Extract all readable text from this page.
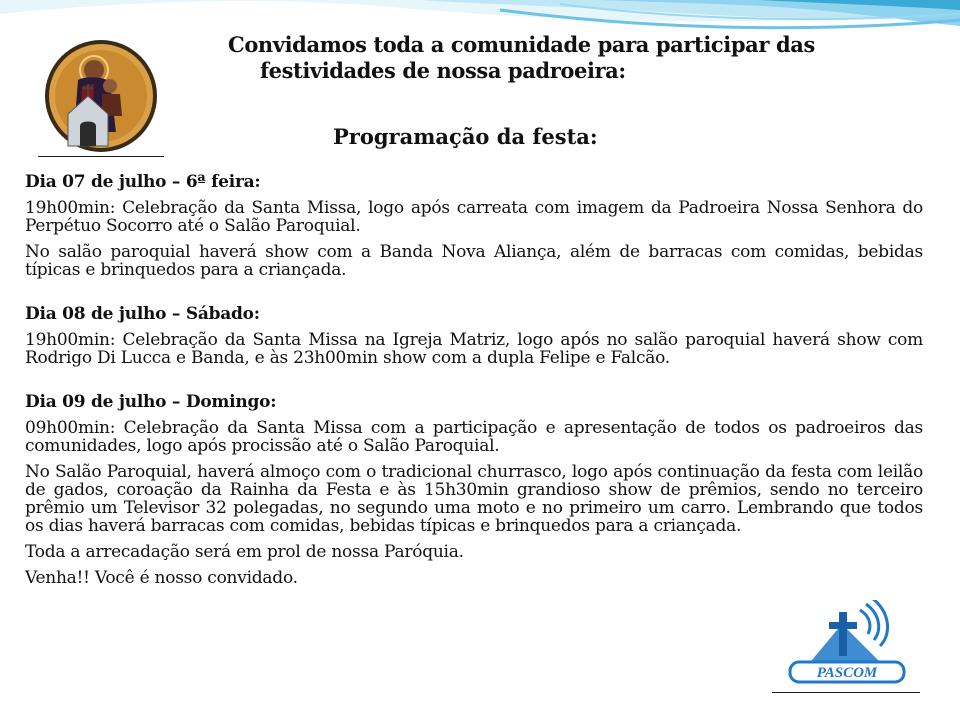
Convidamos toda a comunidade para participar das
festividades de nossa padroeira:
Programação da festa:

Dia 07 de julho – 6ª feira:

19h00min: Celebração da Santa Missa, logo após carreata com imagem da Padroeira Nossa Senhora do Perpétuo Socorro até o Salão Paroquial.

No salão paroquial haverá show com a Banda Nova Aliança, além de barracas com comidas, bebidas típicas e brinquedos para a criançada.

Dia 08 de julho – Sábado:

19h00min: Celebração da Santa Missa na Igreja Matriz, logo após no salão paroquial haverá show com Rodrigo Di Lucca e Banda, e às 23h00min show com a dupla Felipe e Falcão.

Dia 09 de julho – Domingo:

09h00min: Celebração da Santa Missa com a participação e apresentação de todos os padroeiros das comunidades, logo após procissão até o Salão Paroquial.

No Salão Paroquial, haverá almoço com o tradicional churrasco, logo após continuação da festa com leilão de gados, coroação da Rainha da Festa e às 15h30min grandioso show de prêmios, sendo no terceiro prêmio um Televisor 32 polegadas, no segundo uma moto e no primeiro um carro. Lembrando que todos os dias haverá barracas com comidas, bebidas típicas e brinquedos para a criançada.

Toda a arrecadação será em prol de nossa Paróquia.

Venha!! Você é nosso convidado.

PASCOM
